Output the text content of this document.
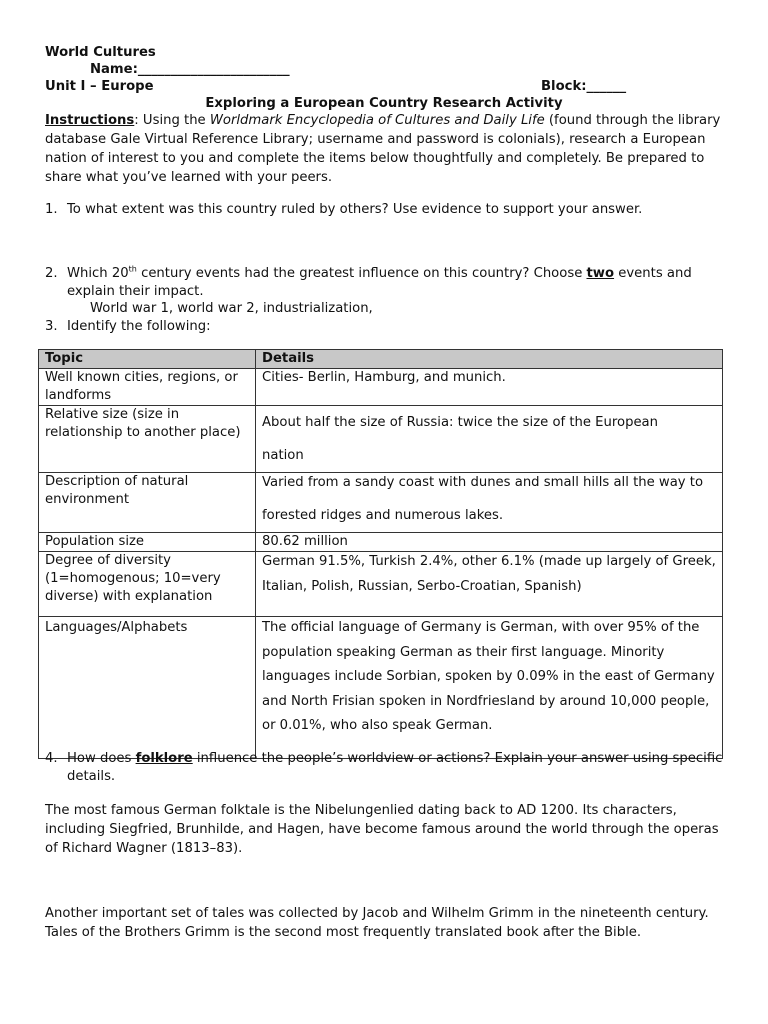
World Cultures
Name:_______________________
Unit I – Europe	Block:______
Exploring a European Country Research Activity
Instructions: Using the Worldmark Encyclopedia of Cultures and Daily Life (found through the library database Gale Virtual Reference Library; username and password is colonials), research a European nation of interest to you and complete the items below thoughtfully and completely. Be prepared to share what you’ve learned with your peers.
1. To what extent was this country ruled by others? Use evidence to support your answer.
2. Which 20th century events had the greatest influence on this country? Choose two events and explain their impact.
World war 1, world war 2, industrialization,
3. Identify the following:
Topic	Details
Well known cities, regions, or landforms	Cities- Berlin, Hamburg, and munich.
Relative size (size in relationship to another place)	About half the size of Russia: twice the size of the European nation

Description of natural environment	Varied from a sandy coast with dunes and small hills all the way to forested ridges and numerous lakes.

Population size	80.62 million
Degree of diversity (1=homogenous; 10=very diverse) with explanation	German 91.5%, Turkish 2.4%, other 6.1% (made up largely of Greek, Italian, Polish, Russian, Serbo-Croatian, Spanish)

Languages/Alphabets	The official language of Germany is German, with over 95% of the population speaking German as their first language. Minority languages include Sorbian, spoken by 0.09% in the east of Germany and North Frisian spoken in Nordfriesland by around 10,000 people, or 0.01%, who also speak German.
4. How does folklore influence the people’s worldview or actions? Explain your answer using specific details.
The most famous German folktale is the Nibelungenlied dating back to AD 1200. Its characters, including Siegfried, Brunhilde, and Hagen, have become famous around the world through the operas of Richard Wagner (1813–83).
Another important set of tales was collected by Jacob and Wilhelm Grimm in the nineteenth century. Tales of the Brothers Grimm is the second most frequently translated book after the Bible.
